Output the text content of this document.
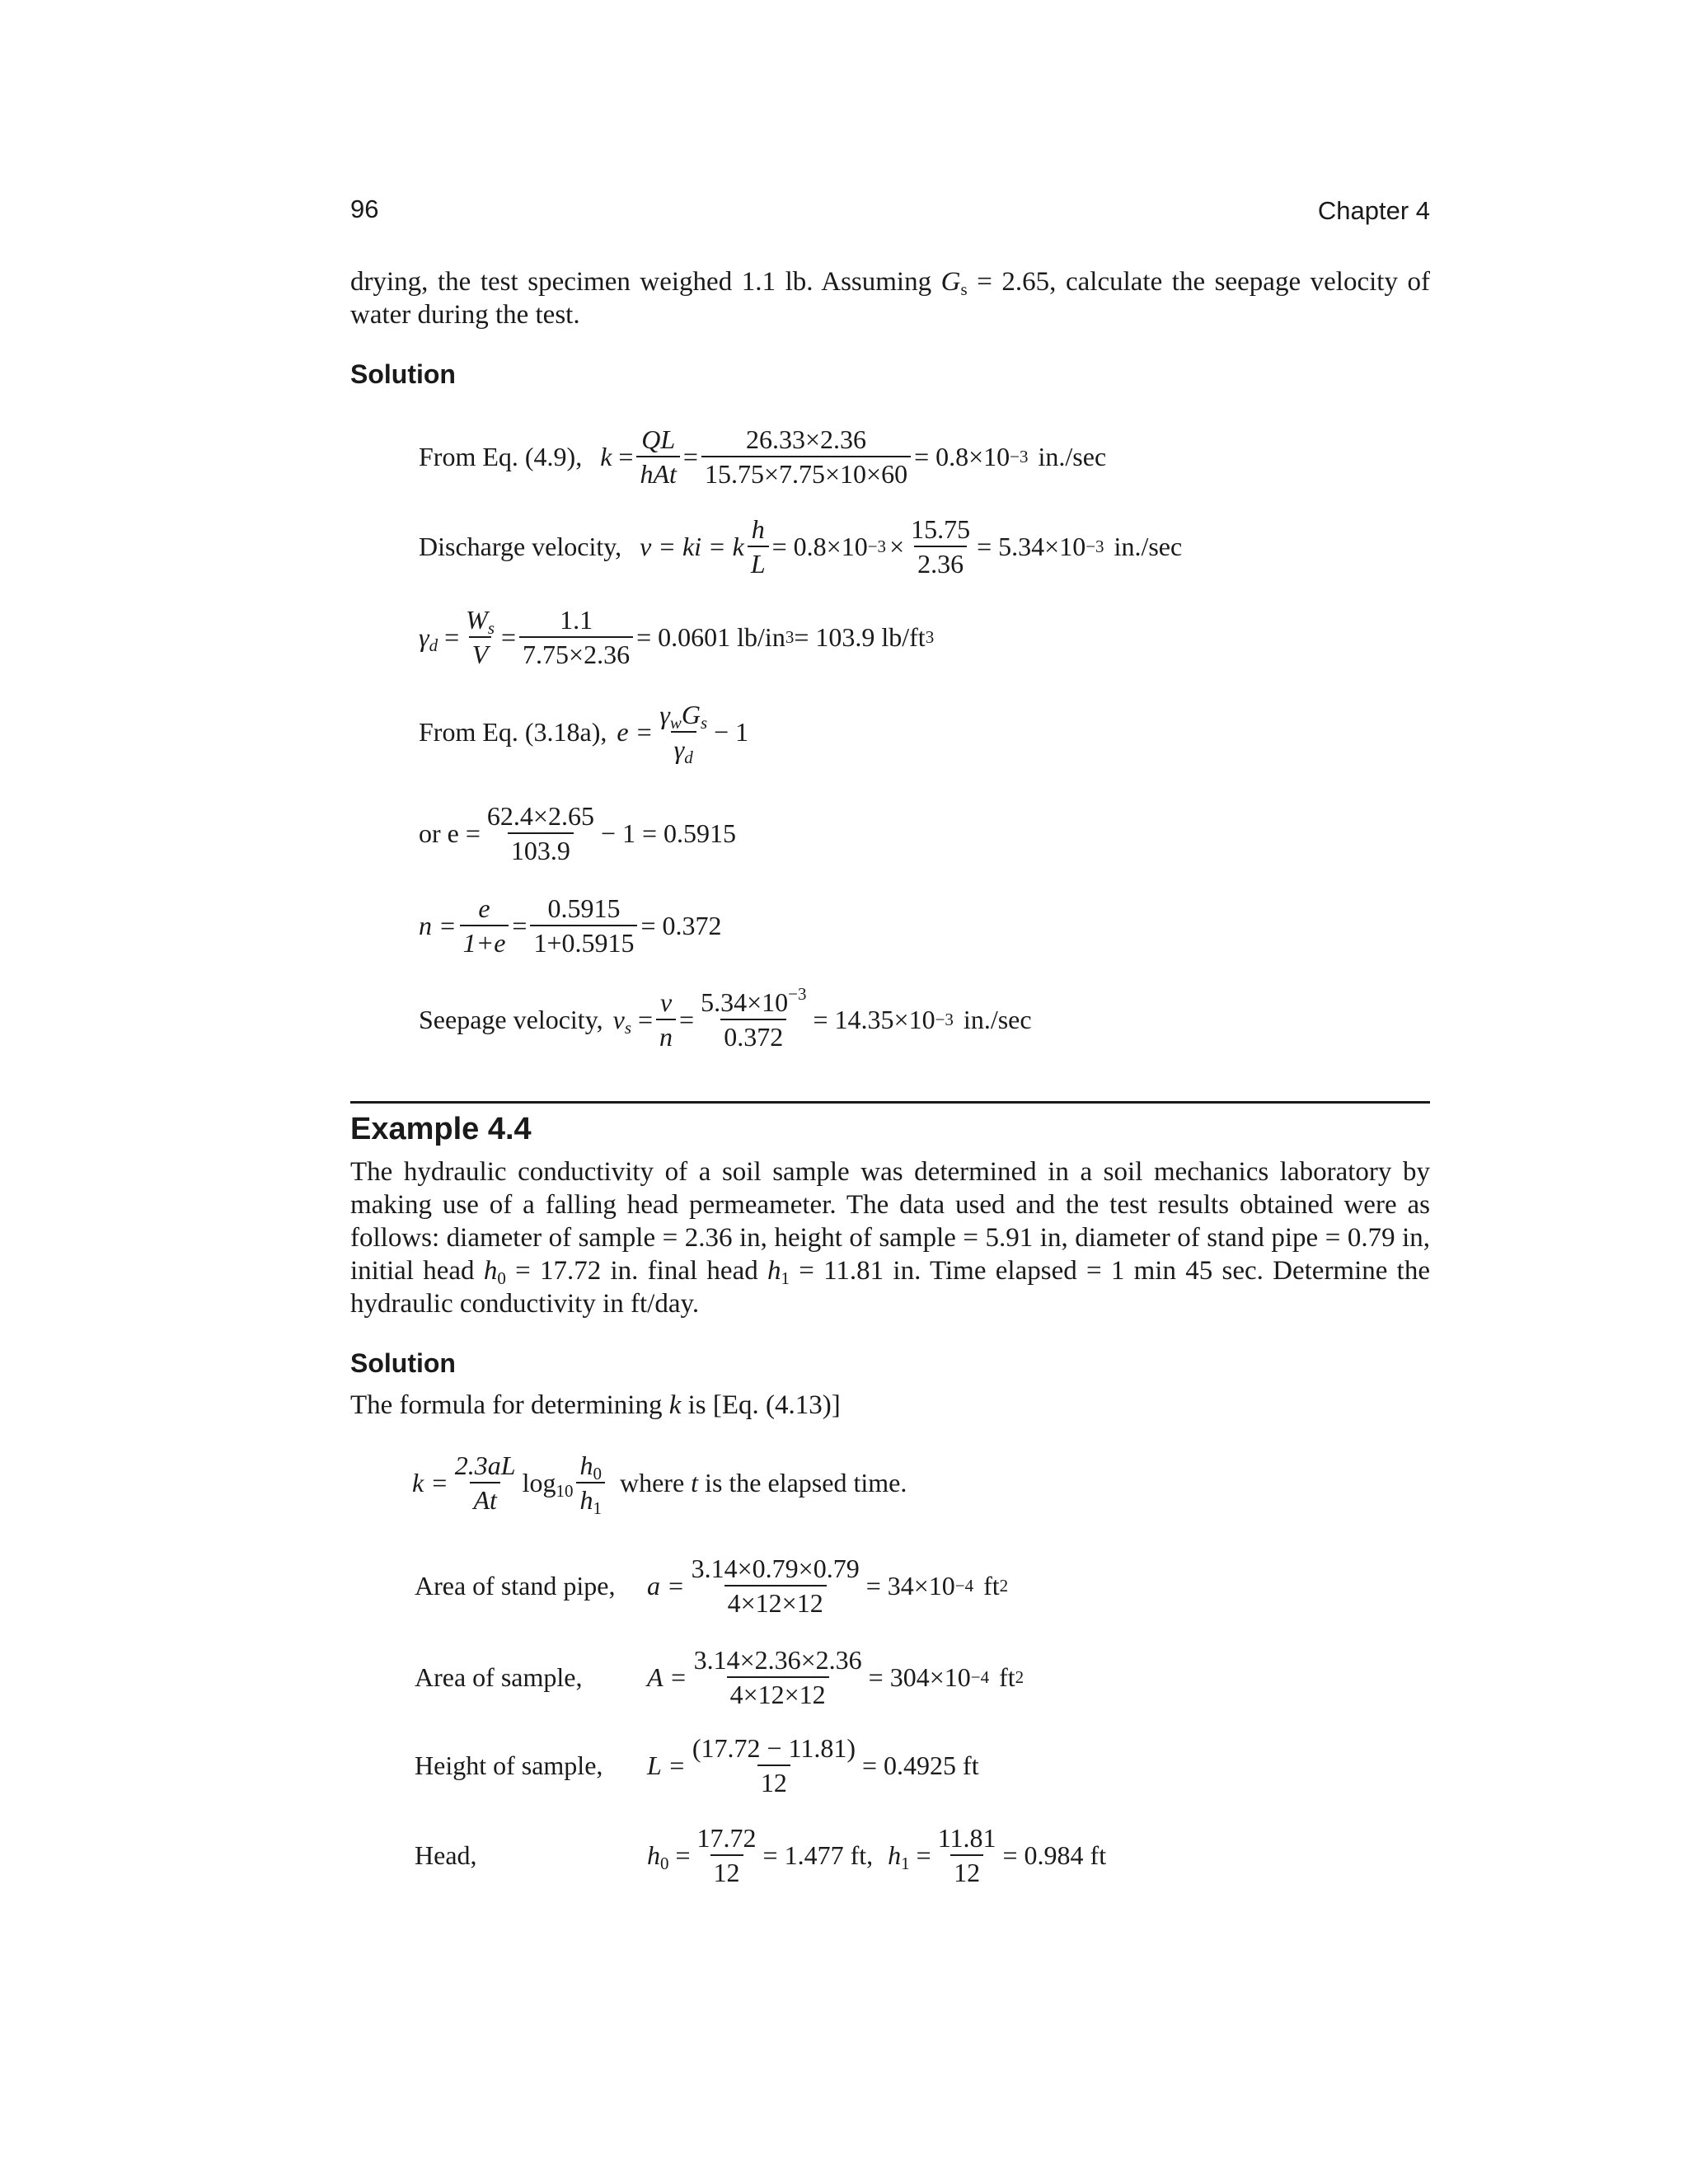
96	Chapter 4
drying, the test specimen weighed 1.1 lb. Assuming $G_s = 2.65$, calculate the seepage velocity of water during the test.
Solution
From Eq. (4.9), $k = \frac{QL}{\text{hAt}} = \frac{26.33\times 2.36}{15.75\times 7.75\times 10\times 60} = 0.8\times 10 -3$ in./sec
Discharge velocity, v = ki = k $\frac{h}{L} = 0.8\times 10 -3 \times \frac{15.75}{2.36} = 5.34\times 10 -3$ in./sec
$\gamma_d = \frac{W_s}{V} = \frac{1.1}{7.75\times 2.36} = 0.0601$ lb/in 3 = 103.9 lb/ft 3
From Eq. (3.18a), $e = \frac{\gamma_wG_s}{\gamma_d} - 1$
or $e = \frac{62.4\times 2.65}{103.9} - 1 = 0.5915$
$n = \frac{e}{1+e} = \frac{0.5915}{1+0.5915} = 0.372$
Seepage velocity, $v_s = \frac{v}{n} = \frac{5.34\times 10^{-3}}{0.372} = 14.35\times 10 -3$ in./sec
Example 4.4
The hydraulic conductivity of a soil sample was determined in a soil mechanics laboratory by making use of a falling head permeameter. The data used and the test results obtained were as follows: diameter of sample = 2.36 in, height of sample = 5.91 in, diameter of stand pipe = 0.79 in, initial head $h_0 = 17.72$ in. final head $h_1 = 11.81$ in. Time elapsed = 1 min 45 sec. Determine the hydraulic conductivity in ft/day.
Solution
The formula for determining k is [Eq. (4.13)]
$k = \frac{2.3aL}{At} \log_{10} \frac{h_0}{h_1}$ where t is the elapsed time.
Area of stand pipe,	$a = \frac{3.14\times 0.79\times 0.79}{4\times 12\times 12} = 34\times 10 -4$ ft 2
Area of sample,	$A = \frac{3.14\times 2.36\times 2.36}{4\times 12\times 12} = 304\times 10 -4$ ft 2
Height of sample,	$L = \frac{(17.72 - 11.81)}{12} = 0.4925$ ft
Head,	$h_0 = \frac{17.72}{12} = 1.477$ ft, $h_1 = \frac{11.81}{12} = 0.984$ ft
